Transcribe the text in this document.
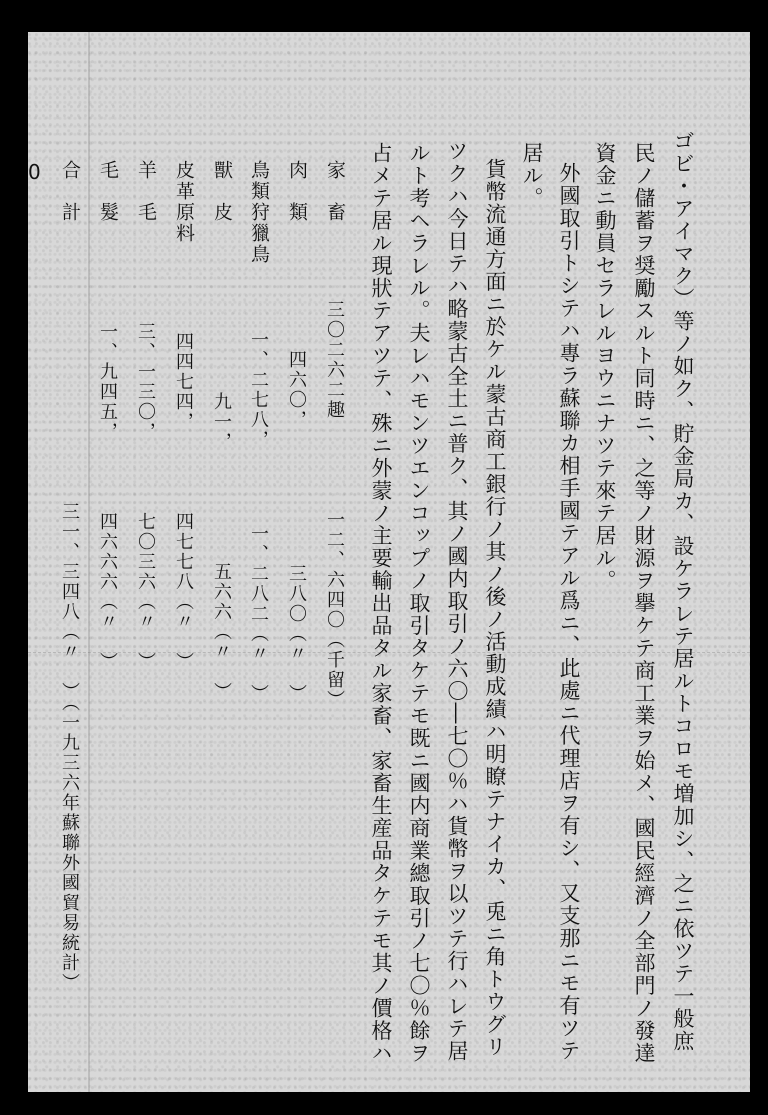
ゴビ・アイマク）等ノ如ク、貯金局カ、設ケラレテ居ルトコロモ増加シ、之ニ依ツテ一般庶
民ノ儲蓄ヲ奨勵スルト同時ニ、之等ノ財源ヲ擧ケテ商工業ヲ始メ、國民經濟ノ全部門ノ發達
資金ニ動員セラレルヨウニナツテ來テ居ル。
外國取引トシテハ專ラ蘇聯カ相手國テアル爲ニ、此處ニ代理店ヲ有シ、又支那ニモ有ツテ
居ル。
貨幣流通方面ニ於ケル蒙古商工銀行ノ其ノ後ノ活動成績ハ明瞭テナイカ、兎ニ角トウグリ
ツクハ今日テハ略蒙古全土ニ普ク、其ノ國内取引ノ六〇―七〇％ハ貨幣ヲ以ツテ行ハレテ居
ルト考ヘラレル。夫レハモンツエンコップノ取引タケテモ既ニ國内商業總取引ノ七〇％餘ヲ
占メテ居ル現狀テアツテ、殊ニ外蒙ノ主要輸出品タル家畜、家畜生産品タケテモ其ノ價格ハ
家　畜
三〇二六二趣
一二、六四〇（千留）
肉　類
四六〇，
三八〇（〃　）
鳥類狩獵鳥
一、二七八，
一、二八二（〃　）
獸　皮
九一，
五六六（〃　）
皮革原料
四四七四，
四七七八（〃　）
羊　毛
三、一三〇，
七〇三六（〃　）
毛　髮
一、九四五，
四六六六（〃　）
合　計
三一、三四八（〃　）（一九三六年蘇聯外國貿易統計）
0
